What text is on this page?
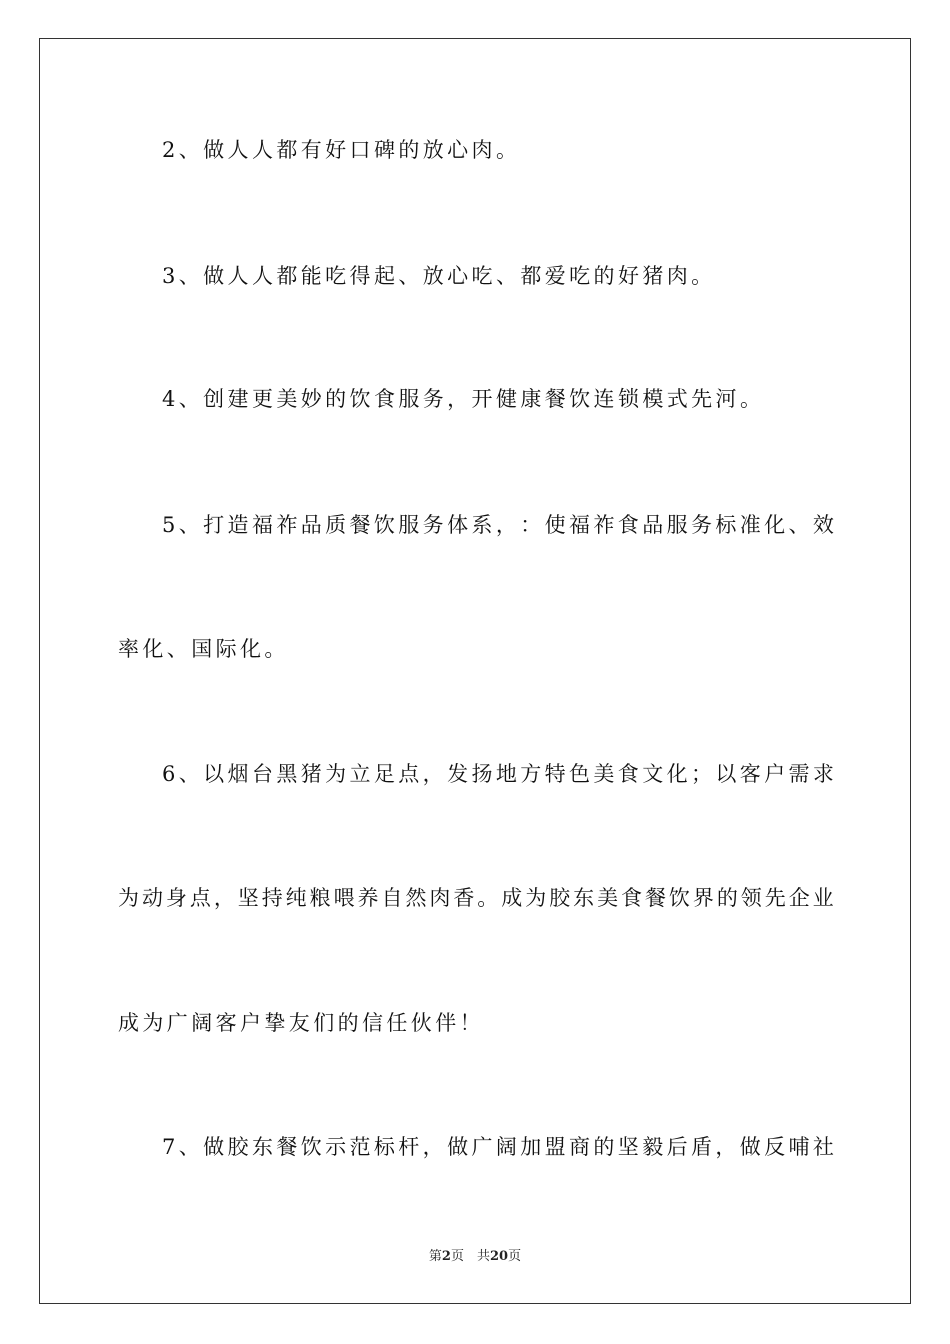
2、做人人都有好口碑的放心肉。

3、做人人都能吃得起、放心吃、都爱吃的好猪肉。

4、创建更美妙的饮食服务，开健康餐饮连锁模式先河。

5 、 打 造 福 祚 品 质 餐 饮 服 务 体 系 ， ： 使 福 祚 食 品 服 务 标 准 化 、 效

率化、国际化。

6 、 以 烟 台 黑 猪 为 立 足 点 ， 发 扬 地 方 特 色 美 食 文 化 ； 以 客 户 需 求

为 动 身 点 ， 坚 持 纯 粮 喂 养 自 然 肉 香 。 成 为 胶 东 美 食 餐 饮 界 的 领 先 企 业

成为广阔客户挚友们的信任伙伴！

7 、 做 胶 东 餐 饮 示 范 标 杆 ， 做 广 阔 加 盟 商 的 坚 毅 后 盾 ， 做 反 哺 社

第2页　共20页
